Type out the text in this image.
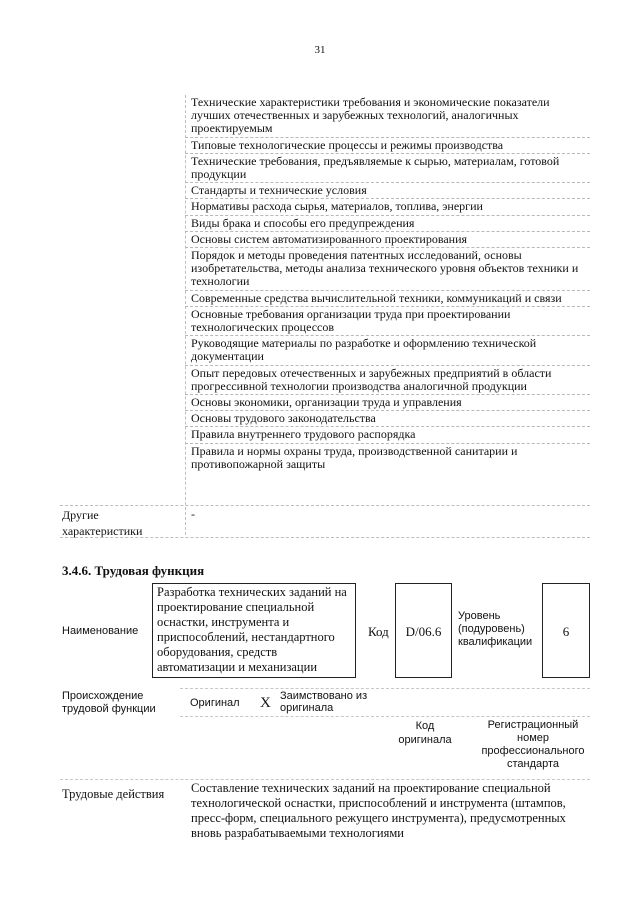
31
Технические характеристики требования и экономические показатели лучших отечественных и зарубежных технологий, аналогичных проектируемым
Типовые технологические процессы и режимы производства
Технические требования, предъявляемые к сырью, материалам, готовой продукции
Стандарты и технические условия
Нормативы расхода сырья, материалов, топлива, энергии
Виды брака и способы его предупреждения
Основы систем автоматизированного проектирования
Порядок и методы проведения патентных исследований, основы изобретательства, методы анализа технического уровня объектов техники и технологии
Современные средства вычислительной техники, коммуникаций и связи
Основные требования организации труда при проектировании технологических процессов
Руководящие материалы по разработке и оформлению технической документации
Опыт передовых отечественных и зарубежных предприятий в области прогрессивной технологии производства аналогичной продукции
Основы экономики, организации труда и управления
Основы трудового законодательства
Правила внутреннего трудового распорядка
Правила и нормы охраны труда, производственной санитарии и противопожарной защиты
Другие характеристики
-
3.4.6. Трудовая функция
Наименование
Разработка технических заданий на проектирование специальной оснастки, инструмента и приспособлений, нестандартного оборудования, средств автоматизации и механизации
Код	D/06.6
Уровень (подуровень) квалификации
6
Происхождение трудовой функции	Оригинал X Заимствовано из оригинала
Код оригинала
Регистрационный номер профессионального стандарта
Трудовые действия Составление технических заданий на проектирование специальной технологической оснастки, приспособлений и инструмента (штампов, пресс-форм, специального режущего инструмента), предусмотренных вновь разрабатываемыми технологиями
